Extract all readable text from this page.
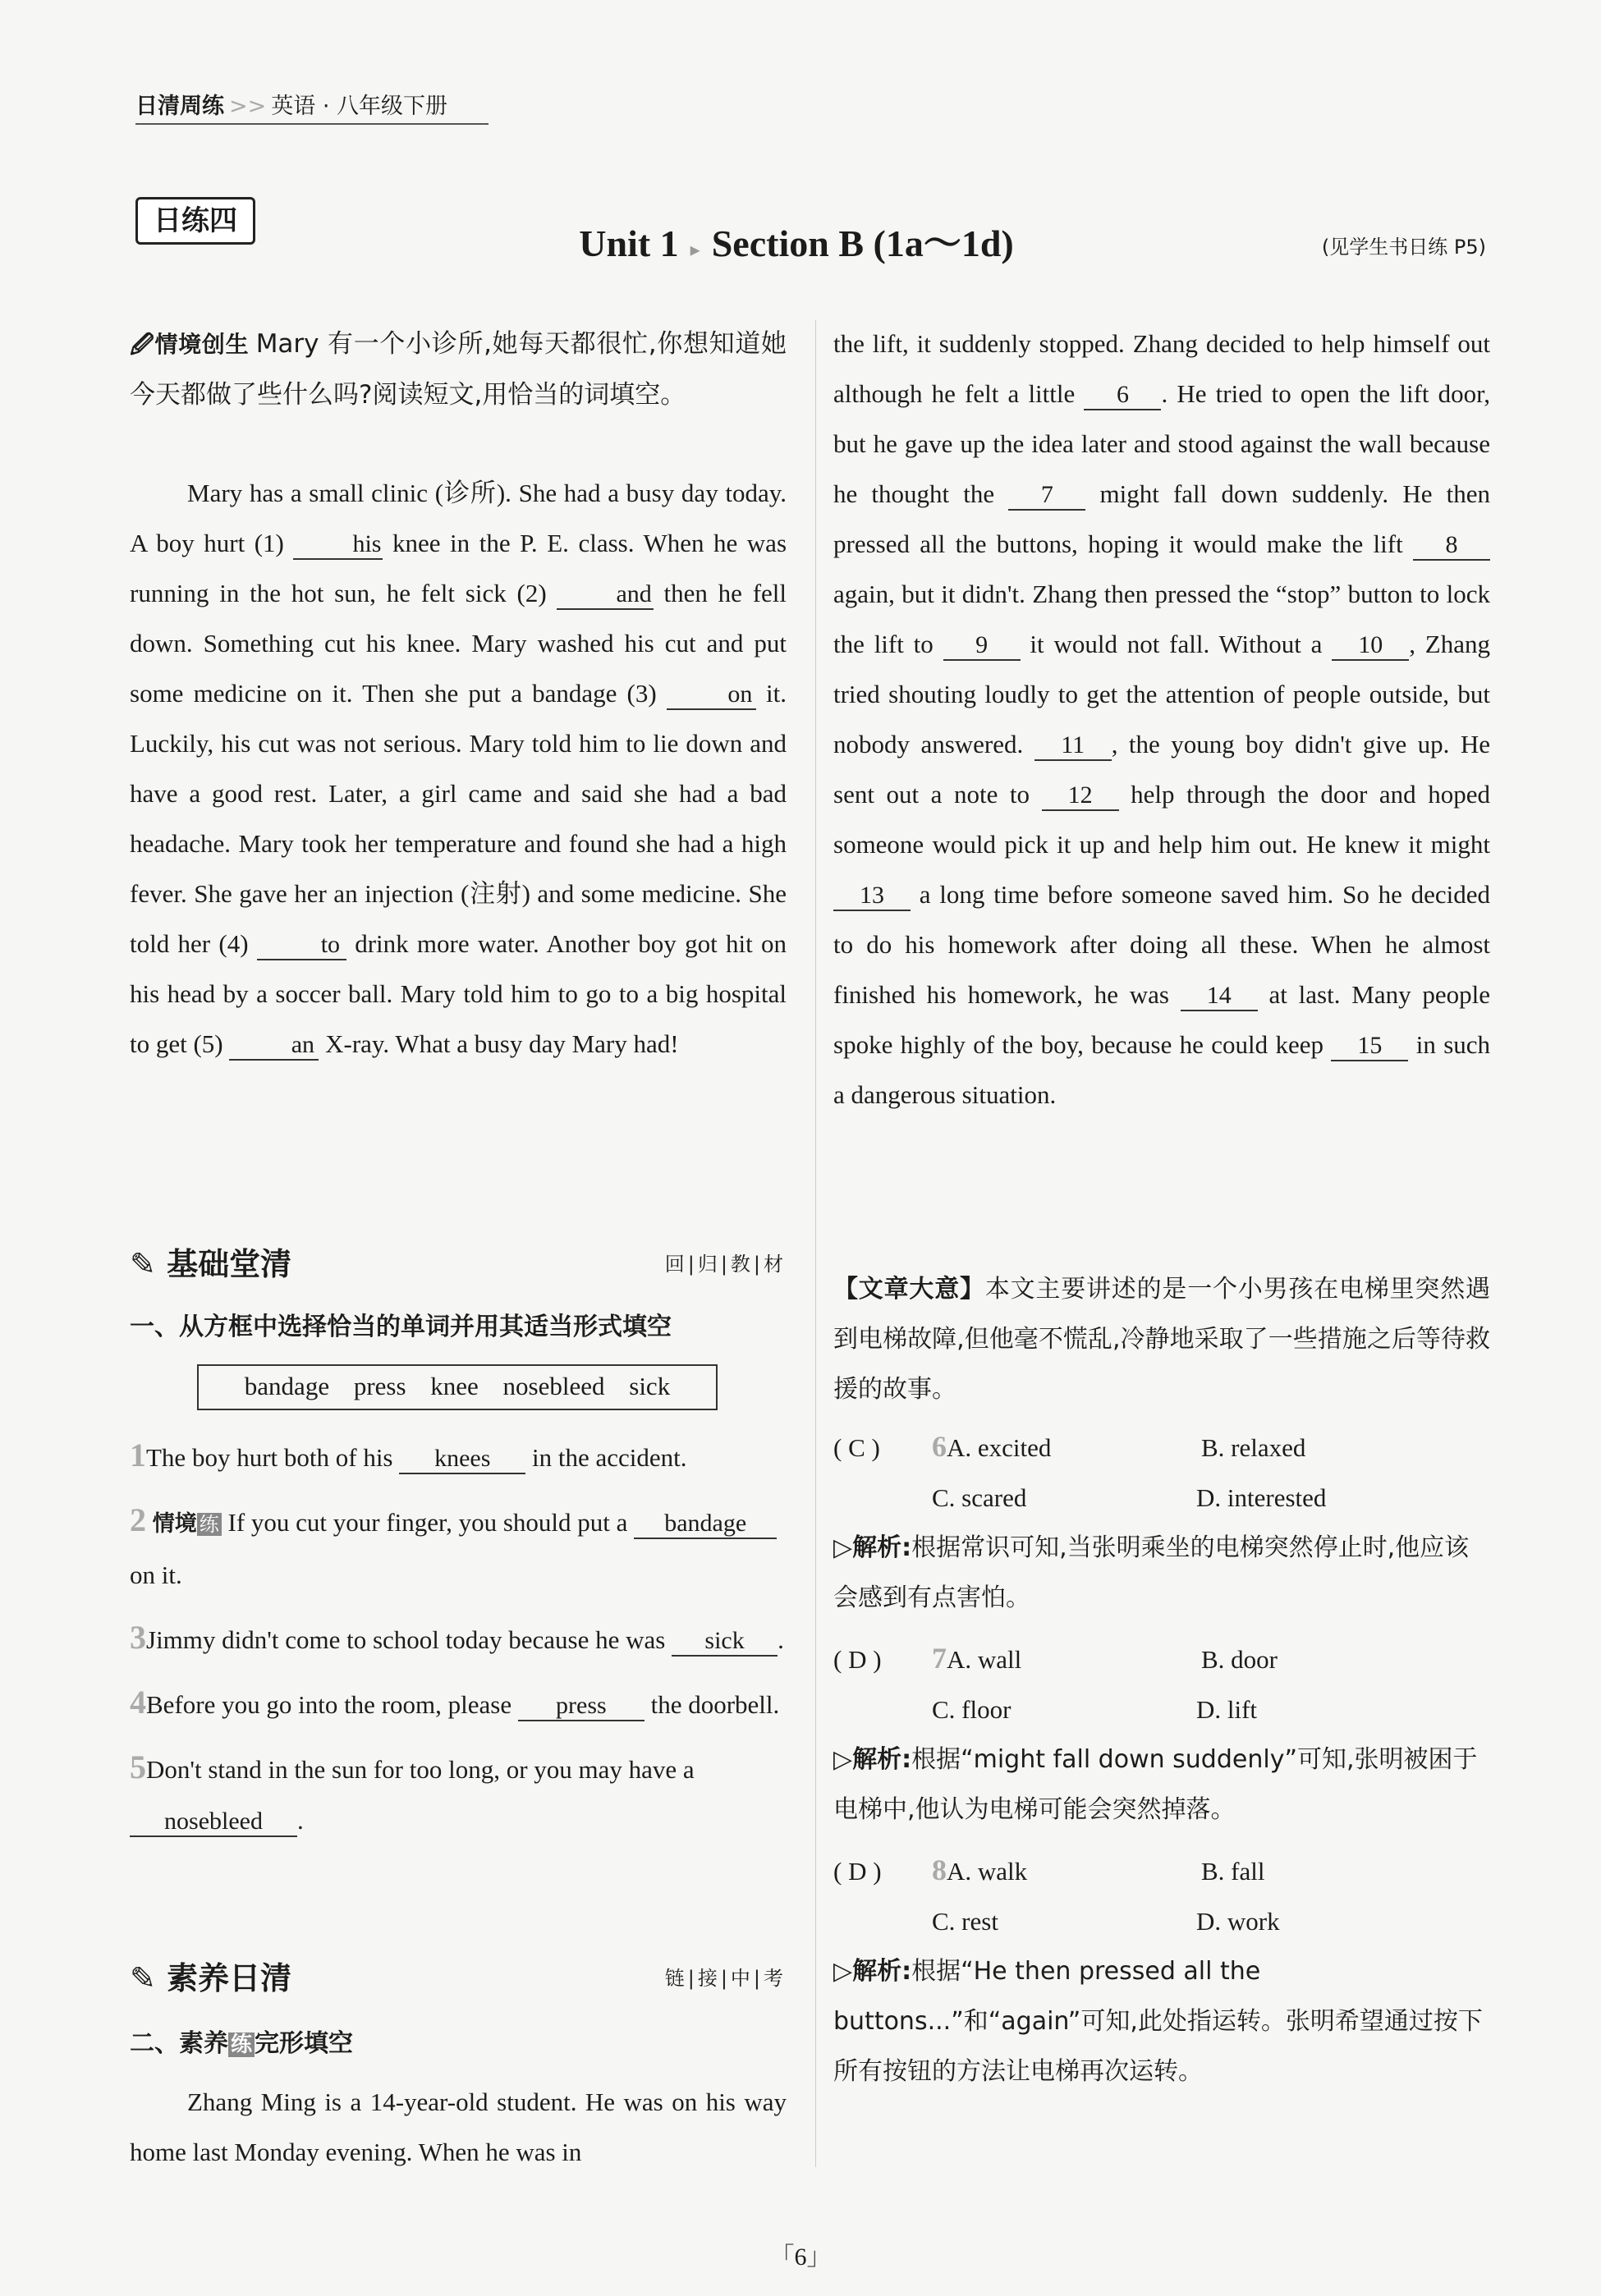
日清周练 >> 英语 · 八年级下册
日练四
Unit 1 ▸ Section B (1a～1d)	(见学生书日练 P5)
🖉情境创生 Mary 有一个小诊所,她每天都很忙,你想知道她今天都做了些什么吗?阅读短文,用恰当的词填空。
Mary has a small clinic (诊所). She had a busy day today. A boy hurt (1)	his knee in the P. E. class. When he was running in the hot sun, he felt sick (2)	and then he fell down. Something cut his knee. Mary washed his cut and put some medicine on it. Then she put a bandage (3)	on it. Luckily, his cut was not serious. Mary told him to lie down and have a good rest. Later, a girl came and said she had a bad headache. Mary took her temperature and found she had a high fever. She gave her an injection (注射) and some medicine. She told her (4)	to drink more water. Another boy got hit on his head by a soccer ball. Mary told him to go to a big hospital to get (5)	an X-ray. What a busy day Mary had!
✎ 基础堂清	回|归|教|材
一、从方框中选择恰当的单词并用其适当形式填空
bandage press knee nosebleed sick
1The boy hurt both of his knees in the accident.
2 情境 练 If you cut your finger, you should put a bandage on it.
3Jimmy didn't come to school today because he was sick .
4Before you go into the room, please press the doorbell.
5Don't stand in the sun for too long, or you may have a nosebleed .
✎ 素养日清	链|接|中|考
二、素养 练 完形填空
Zhang Ming is a 14-year-old student. He was on his way home last Monday evening. When he was in
the lift, it suddenly stopped. Zhang decided to help himself out although he felt a little 6 . He tried to open the lift door, but he gave up the idea later and stood against the wall because he thought the 7 might fall down suddenly. He then pressed all the buttons, hoping it would make the lift 8 again, but it didn't. Zhang then pressed the “stop” button to lock the lift to 9 it would not fall. Without a 10 , Zhang tried shouting loudly to get the attention of people outside, but nobody answered. 11 , the young boy didn't give up. He sent out a note to 12 help through the door and hoped someone would pick it up and help him out. He knew it might 13 a long time before someone saved him. So he decided to do his homework after doing all these. When he almost finished his homework, he was 14 at last. Many people spoke highly of the boy, because he could keep 15 in such a dangerous situation.
【文章大意】本文主要讲述的是一个小男孩在电梯里突然遇到电梯故障,但他毫不慌乱,冷静地采取了一些措施之后等待救援的故事。
( C ) 6A. excited	B. relaxed
C. scared	D. interested
▷解析:根据常识可知,当张明乘坐的电梯突然停止时,他应该会感到有点害怕。
( D ) 7A. wall	B. door
C. floor	D. lift
▷解析:根据“might fall down suddenly”可知,张明被困于电梯中,他认为电梯可能会突然掉落。
( D ) 8A. walk	B. fall
C. rest	D. work
▷解析:根据“He then pressed all the buttons...”和“again”可知,此处指运转。张明希望通过按下所有按钮的方法让电梯再次运转。
「6」
